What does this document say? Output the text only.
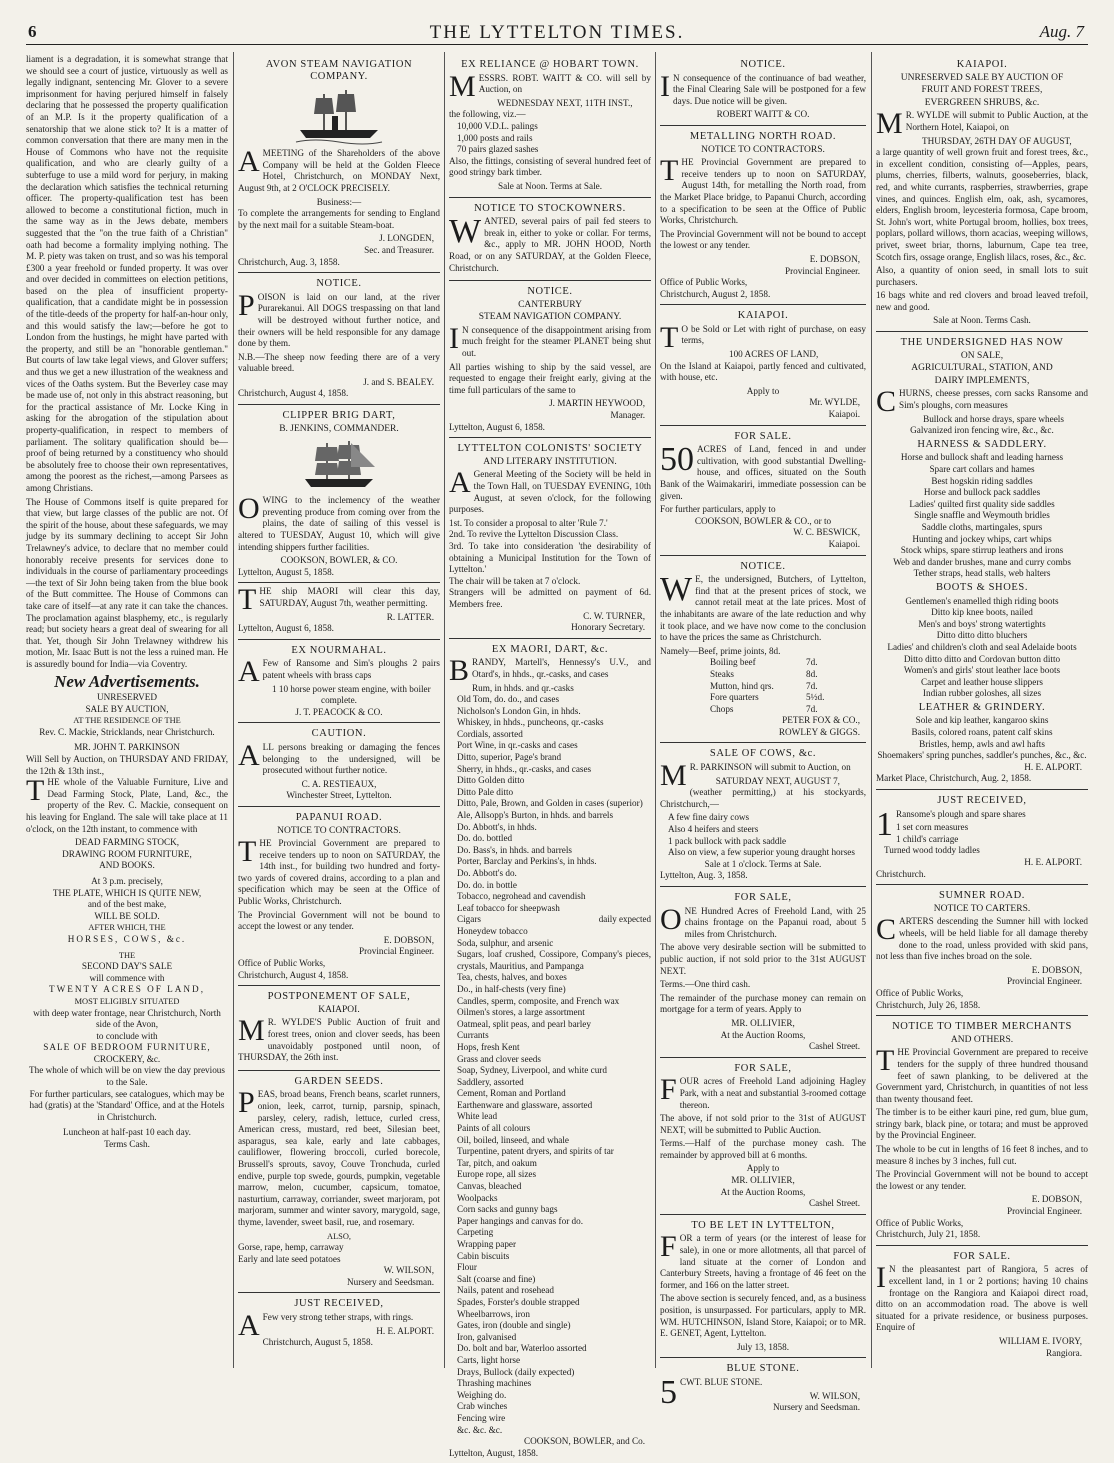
6	THE LYTTELTON TIMES.	Aug. 7

liament is a degradation, it is somewhat strange that we should see a court of justice, virtuously as well as legally indignant, sentencing Mr. Glover to a severe imprisonment for having perjured himself in falsely declaring that he possessed the property qualification of an M.P. Is it the property qualification of a senatorship that we alone stick to? It is a matter of common conversation that there are many men in the House of Commons who have not the requisite qualification, and who are clearly guilty of a subterfuge to use a mild word for perjury, in making the declaration which satisfies the technical returning officer. The property-qualification test has been allowed to become a constitutional fiction, much in the same way as in the Jews debate, members suggested that the "on the true faith of a Christian" oath had become a formality implying nothing. The M. P. piety was taken on trust, and so was his temporal £300 a year freehold or funded property. It was over and over decided in committees on election petitions, based on the plea of insufficient property-qualification, that a candidate might be in possession of the title-deeds of the property for half-an-hour only, and this would satisfy the law;—before he got to London from the hustings, he might have parted with the property, and still be an "honorable gentleman." But courts of law take legal views, and Glover suffers; and thus we get a new illustration of the weakness and vices of the Oaths system. But the Beverley case may be made use of, not only in this abstract reasoning, but for the practical assistance of Mr. Locke King in asking for the abrogation of the stipulation about property-qualification, in respect to members of parliament. The solitary qualification should be—proof of being returned by a constituency who should be absolutely free to choose their own representatives, among the poorest as the richest,—among Parsees as among Christians.

The House of Commons itself is quite prepared for that view, but large classes of the public are not. Of the spirit of the house, about these safeguards, we may judge by its summary declining to accept Sir John Trelawney's advice, to declare that no member could honorably receive presents for services done to individuals in the course of parliamentary proceedings—the text of Sir John being taken from the blue book of the Butt committee. The House of Commons can take care of itself—at any rate it can take the chances. The proclamation against blasphemy, etc., is regularly read; but society hears a great deal of swearing for all that. Yet, though Sir John Trelawney withdrew his motion, Mr. Isaac Butt is not the less a ruined man. He is assuredly bound for India—via Coventry.

New Advertisements.
UNRESERVED
SALE BY AUCTION,
AT THE RESIDENCE OF THE
Rev. C. Mackie, Stricklands, near Christchurch.
MR. JOHN T. PARKINSON
Will Sell by Auction, on THURSDAY AND FRIDAY, the 12th & 13th inst.,

THE whole of the Valuable Furniture, Live and Dead Farming Stock, Plate, Land, &c., the property of the Rev. C. Mackie, consequent on his leaving for England. The sale will take place at 11 o'clock, on the 12th instant, to commence with

DEAD FARMING STOCK,
DRAWING ROOM FURNITURE,
AND BOOKS.
At 3 p.m. precisely,
THE PLATE, WHICH IS QUITE NEW,
and of the best make,
WILL BE SOLD.
AFTER WHICH, THE
HORSES, COWS, &c.
THE
SECOND DAY'S SALE
will commence with
TWENTY ACRES OF LAND,
MOST ELIGIBLY SITUATED
with deep water frontage, near Christchurch, North side of the Avon,
to conclude with
SALE OF BEDROOM FURNITURE,
CROCKERY, &c.
The whole of which will be on view the day previous to the Sale.
For further particulars, see catalogues, which may be had (gratis) at the 'Standard' Office, and at the Hotels in Christchurch.
Luncheon at half-past 10 each day.
Terms Cash.
AVON STEAM NAVIGATION COMPANY.

AMEETING of the Shareholders of the above Company will be held at the Golden Fleece Hotel, Christchurch, on MONDAY Next, August 9th, at 2 O'CLOCK PRECISELY.

Business:—

To complete the arrangements for sending to England by the next mail for a suitable Steam-boat.

J. LONGDEN,
Sec. and Treasurer.
Christchurch, Aug. 3, 1858.
NOTICE.

POISON is laid on our land, at the river Purarekanui. All DOGS trespassing on that land will be destroyed without further notice, and their owners will be held responsible for any damage done by them.

N.B.—The sheep now feeding there are of a very valuable breed.

J. and S. BEALEY.
Christchurch, August 4, 1858.
CLIPPER BRIG DART,
B. JENKINS, COMMANDER.

OWING to the inclemency of the weather preventing produce from coming over from the plains, the date of sailing of this vessel is altered to TUESDAY, August 10, which will give intending shippers further facilities.

COOKSON, BOWLER, & CO.
Lyttelton, August 5, 1858.

THE ship MAORI will clear this day, SATURDAY, August 7th, weather permitting.

R. LATTER.
Lyttelton, August 6, 1858.
EX NOURMAHAL.

A Few of Ransome and Sim's ploughs 2 pairs patent wheels with brass caps

1 10 horse power steam engine, with boiler complete.
J. T. PEACOCK & CO.
CAUTION.

ALL persons breaking or damaging the fences belonging to the undersigned, will be prosecuted without further notice.

C. A. RESTIEAUX,
Winchester Street, Lyttelton.
PAPANUI ROAD.
NOTICE TO CONTRACTORS.

THE Provincial Government are prepared to receive tenders up to noon on SATURDAY, the 14th inst., for building two hundred and forty-two yards of covered drains, according to a plan and specification which may be seen at the Office of Public Works, Christchurch.

The Provincial Government will not be bound to accept the lowest or any tender.

E. DOBSON,
Provincial Engineer.
Office of Public Works,
Christchurch, August 4, 1858.
POSTPONEMENT OF SALE,
KAIAPOI.

M R. WYLDE'S Public Auction of fruit and forest trees, onion and clover seeds, has been unavoidably postponed until noon, of THURSDAY, the 26th inst.

GARDEN SEEDS.

PEAS, broad beans, French beans, scarlet runners, onion, leek, carrot, turnip, parsnip, spinach, parsley, celery, radish, lettuce, curled cress, American cress, mustard, red beet, Silesian beet, asparagus, sea kale, early and late cabbages, cauliflower, flowering broccoli, curled borecole, Brussell's sprouts, savoy, Couve Tronchuda, curled endive, purple top swede, gourds, pumpkin, vegetable marrow, melon, cucumber, capsicum, tomatoe, nasturtium, carraway, corriander, sweet marjoram, pot marjoram, summer and winter savory, marygold, sage, thyme, lavender, sweet basil, rue, and rosemary.

ALSO,
Gorse, rape, hemp, carraway
Early and late seed potatoes
W. WILSON,
Nursery and Seedsman.
JUST RECEIVED,

A Few very strong tether straps, with rings.

H. E. ALPORT.
Christchurch, August 5, 1858.
EX RELIANCE @ HOBART TOWN.

MESSRS. ROBT. WAITT & CO. will sell by Auction, on

WEDNESDAY NEXT, 11TH INST.,
the following, viz.—
10,000 V.D.L. palings
1,000 posts and rails
70 pairs glazed sashes

Also, the fittings, consisting of several hundred feet of good stringy bark timber.

Sale at Noon. Terms at Sale.
NOTICE TO STOCKOWNERS.

WANTED, several pairs of pail fed steers to break in, either to yoke or collar. For terms, &c., apply to MR. JOHN HOOD, North Road, or on any SATURDAY, at the Golden Fleece, Christchurch.

NOTICE.
CANTERBURY
STEAM NAVIGATION COMPANY.

I N consequence of the disappointment arising from much freight for the steamer PLANET being shut out.

All parties wishing to ship by the said vessel, are requested to engage their freight early, giving at the time full particulars of the same to

J. MARTIN HEYWOOD,
Manager.
Lyttelton, August 6, 1858.
LYTTELTON COLONISTS' SOCIETY
AND LITERARY INSTITUTION.

A General Meeting of the Society will be held in the Town Hall, on TUESDAY EVENING, 10th August, at seven o'clock, for the following purposes.

1st. To consider a proposal to alter 'Rule 7.'
2nd. To revive the Lyttelton Discussion Class.
3rd. To take into consideration 'the desirability of obtaining a Municipal Institution for the Town of Lyttelton.'
The chair will be taken at 7 o'clock.
Strangers will be admitted on payment of 6d. Members free.
C. W. TURNER,
Honorary Secretary.
EX MAORI, DART, &c.

BRANDY, Martell's, Hennessy's U.V., and Otard's, in hhds., qr.-casks, and cases

Rum, in hhds. and qr.-casks
Old Tom, do. do., and cases
Nicholson's London Gin, in hhds.
Whiskey, in hhds., puncheons, qr.-casks
Cordials, assorted
Port Wine, in qr.-casks and cases
Ditto, superior, Page's brand
Sherry, in hhds., qr.-casks, and cases
Ditto Golden ditto
Ditto Pale ditto
Ditto, Pale, Brown, and Golden in cases (superior)
Ale, Allsopp's Burton, in hhds. and barrels
Do. Abbott's, in hhds.
Do. do. bottled
Do. Bass's, in hhds. and barrels
Porter, Barclay and Perkins's, in hhds.
Do. Abbott's do.
Do. do. in bottle
Tobacco, negrohead and cavendish
Leaf tobacco for sheepwash
daily expected
Cigars
Honeydew tobacco
Soda, sulphur, and arsenic
Sugars, loaf crushed, Cossipore, Company's pieces, crystals, Mauritius, and Pampanga
Tea, chests, halves, and boxes
Do., in half-chests (very fine)
Candles, sperm, composite, and French wax
Oilmen's stores, a large assortment
Oatmeal, split peas, and pearl barley
Currants
Hops, fresh Kent
Grass and clover seeds
Soap, Sydney, Liverpool, and white curd
Saddlery, assorted
Cement, Roman and Portland
Earthenware and glassware, assorted
White lead
Paints of all colours
Oil, boiled, linseed, and whale
Turpentine, patent dryers, and spirits of tar
Tar, pitch, and oakum
Europe rope, all sizes
Canvas, bleached
Woolpacks
Corn sacks and gunny bags
Paper hangings and canvas for do.
Carpeting
Wrapping paper
Cabin biscuits
Flour
Salt (coarse and fine)
Nails, patent and rosehead
Spades, Forster's double strapped
Wheelbarrows, iron
Gates, iron (double and single)
Iron, galvanised
Do. bolt and bar, Waterloo assorted
Carts, light horse
Drays, Bullock (daily expected)
Thrashing machines
Weighing do.
Crab winches
Fencing wire
&c. &c. &c.
COOKSON, BOWLER, and Co.
Lyttelton, August, 1858.
NOTICE.

I N consequence of the continuance of bad weather, the Final Clearing Sale will be postponed for a few days. Due notice will be given.

ROBERT WAITT & CO.
METALLING NORTH ROAD.
NOTICE TO CONTRACTORS.

THE Provincial Government are prepared to receive tenders up to noon on SATURDAY, August 14th, for metalling the North road, from the Market Place bridge, to Papanui Church, according to a specification to be seen at the Office of Public Works, Christchurch.

The Provincial Government will not be bound to accept the lowest or any tender.

E. DOBSON,
Provincial Engineer.
Office of Public Works,
Christchurch, August 2, 1858.
KAIAPOI.

T O be Sold or Let with right of purchase, on easy terms,

100 ACRES OF LAND,

On the Island at Kaiapoi, partly fenced and cultivated, with house, etc.

Apply to
Mr. WYLDE,
Kaiapoi.
FOR SALE.

50 ACRES of Land, fenced in and under cultivation, with good substantial Dwelling-house, and offices, situated on the South Bank of the Waimakariri, immediate possession can be given.

For further particulars, apply to
COOKSON, BOWLER & CO., or to
W. C. BESWICK,
Kaiapoi.
NOTICE.

W E, the undersigned, Butchers, of Lyttelton, find that at the present prices of stock, we cannot retail meat at the late prices. Most of the inhabitants are aware of the late reduction and why it took place, and we have now come to the conclusion to have the prices the same as Christchurch.

Namely—Beef, prime joints, 8d.
Boiling beef	7d.
Steaks	8d.
Mutton, hind qrs.	7d.
Fore quarters	5½d.
Chops	7d.
PETER FOX & CO.,
ROWLEY & GIGGS.
SALE OF COWS, &c.

M R. PARKINSON will submit to Auction, on

SATURDAY NEXT, AUGUST 7,

(weather permitting,) at his stockyards, Christchurch,—

A few fine dairy cows
Also 4 heifers and steers
1 pack bullock with pack saddle
Also on view, a few superior young draught horses
Sale at 1 o'clock. Terms at Sale.
Lyttelton, Aug. 3, 1858.
FOR SALE,

ONE Hundred Acres of Freehold Land, with 25 chains frontage on the Papanui road, about 5 miles from Christchurch.

The above very desirable section will be submitted to public auction, if not sold prior to the 31st AUGUST NEXT.

Terms.—One third cash.

The remainder of the purchase money can remain on mortgage for a term of years. Apply to

MR. OLLIVIER,
At the Auction Rooms,
Cashel Street.
FOR SALE,

FOUR acres of Freehold Land adjoining Hagley Park, with a neat and substantial 3-roomed cottage thereon.

The above, if not sold prior to the 31st of AUGUST NEXT, will be submitted to Public Auction.

Terms.—Half of the purchase money cash. The remainder by approved bill at 6 months.

Apply to
MR. OLLIVIER,
At the Auction Rooms,
Cashel Street.
TO BE LET IN LYTTELTON,

FOR a term of years (or the interest of lease for sale), in one or more allotments, all that parcel of land situate at the corner of London and Canterbury Streets, having a frontage of 46 feet on the former, and 166 on the latter street.

The above section is securely fenced, and, as a business position, is unsurpassed. For particulars, apply to MR. WM. HUTCHINSON, Island Store, Kaiapoi; or to MR. E. GENET, Agent, Lyttelton.

July 13, 1858.
BLUE STONE.

5 CWT. BLUE STONE.

W. WILSON,
Nursery and Seedsman.
KAIAPOI.
UNRESERVED SALE BY AUCTION OF
FRUIT AND FOREST TREES,
EVERGREEN SHRUBS, &c.

M R. WYLDE will submit to Public Auction, at the Northern Hotel, Kaiapoi, on

THURSDAY, 26TH DAY OF AUGUST,

a large quantity of well grown fruit and forest trees, &c., in excellent condition, consisting of—Apples, pears, plums, cherries, filberts, walnuts, gooseberries, black, red, and white currants, raspberries, strawberries, grape vines, and quinces. English elm, oak, ash, sycamores, elders, English broom, leycesteria formosa, Cape broom, St. John's wort, white Portugal broom, hollies, box trees, poplars, pollard willows, thorn acacias, weeping willows, privet, sweet briar, thorns, laburnum, Cape tea tree, Scotch firs, ossage orange, English lilacs, roses, &c., &c.

Also, a quantity of onion seed, in small lots to suit purchasers.

16 bags white and red clovers and broad leaved trefoil, new and good.

Sale at Noon. Terms Cash.
THE UNDERSIGNED HAS NOW
ON SALE,
AGRICULTURAL, STATION, AND
DAIRY IMPLEMENTS,

CHURNS, cheese presses, corn sacks Ransome and Sim's ploughs, corn measures

Bullock and horse drays, spare wheels
Galvanized iron fencing wire, &c., &c.
HARNESS & SADDLERY.
Horse and bullock shaft and leading harness
Spare cart collars and hames
Best hogskin riding saddles
Horse and bullock pack saddles
Ladies' quilted first quality side saddles
Single snaffle and Weymouth bridles
Saddle cloths, martingales, spurs
Hunting and jockey whips, cart whips
Stock whips, spare stirrup leathers and irons
Web and dander brushes, mane and curry combs
Tether straps, head stalls, web halters
BOOTS & SHOES.
Gentlemen's enamelled thigh riding boots
Ditto kip knee boots, nailed
Men's and boys' strong watertights
Ditto ditto ditto bluchers
Ladies' and children's cloth and seal Adelaide boots
Ditto ditto ditto and Cordovan button ditto
Women's and girls' stout leather lace boots
Carpet and leather house slippers
Indian rubber goloshes, all sizes
LEATHER & GRINDERY.
Sole and kip leather, kangaroo skins
Basils, colored roans, patent calf skins
Bristles, hemp, awls and awl hafts
Shoemakers' spring punches, saddler's punches, &c., &c.
H. E. ALPORT.
Market Place, Christchurch, Aug. 2, 1858.
JUST RECEIVED,

1 Ransome's plough and spare shares

1 set corn measures
1 child's carriage
Turned wood toddy ladles
H. E. ALPORT.
Christchurch.
SUMNER ROAD.
NOTICE TO CARTERS.

CARTERS descending the Sumner hill with locked wheels, will be held liable for all damage thereby done to the road, unless provided with skid pans, not less than five inches broad on the sole.

E. DOBSON,
Provincial Engineer.
Office of Public Works,
Christchurch, July 26, 1858.
NOTICE TO TIMBER MERCHANTS
AND OTHERS.

THE Provincial Government are prepared to receive tenders for the supply of three hundred thousand feet of sawn planking, to be delivered at the Government yard, Christchurch, in quantities of not less than twenty thousand feet.

The timber is to be either kauri pine, red gum, blue gum, stringy bark, black pine, or totara; and must be approved by the Provincial Engineer.

The whole to be cut in lengths of 16 feet 8 inches, and to measure 8 inches by 3 inches, full cut.

The Provincial Government will not be bound to accept the lowest or any tender.

E. DOBSON,
Provincial Engineer.
Office of Public Works,
Christchurch, July 21, 1858.
FOR SALE.

I N the pleasantest part of Rangiora, 5 acres of excellent land, in 1 or 2 portions; having 10 chains frontage on the Rangiora and Kaiapoi direct road, ditto on an accommodation road. The above is well situated for a private residence, or business purposes. Enquire of

WILLIAM E. IVORY,
Rangiora.
